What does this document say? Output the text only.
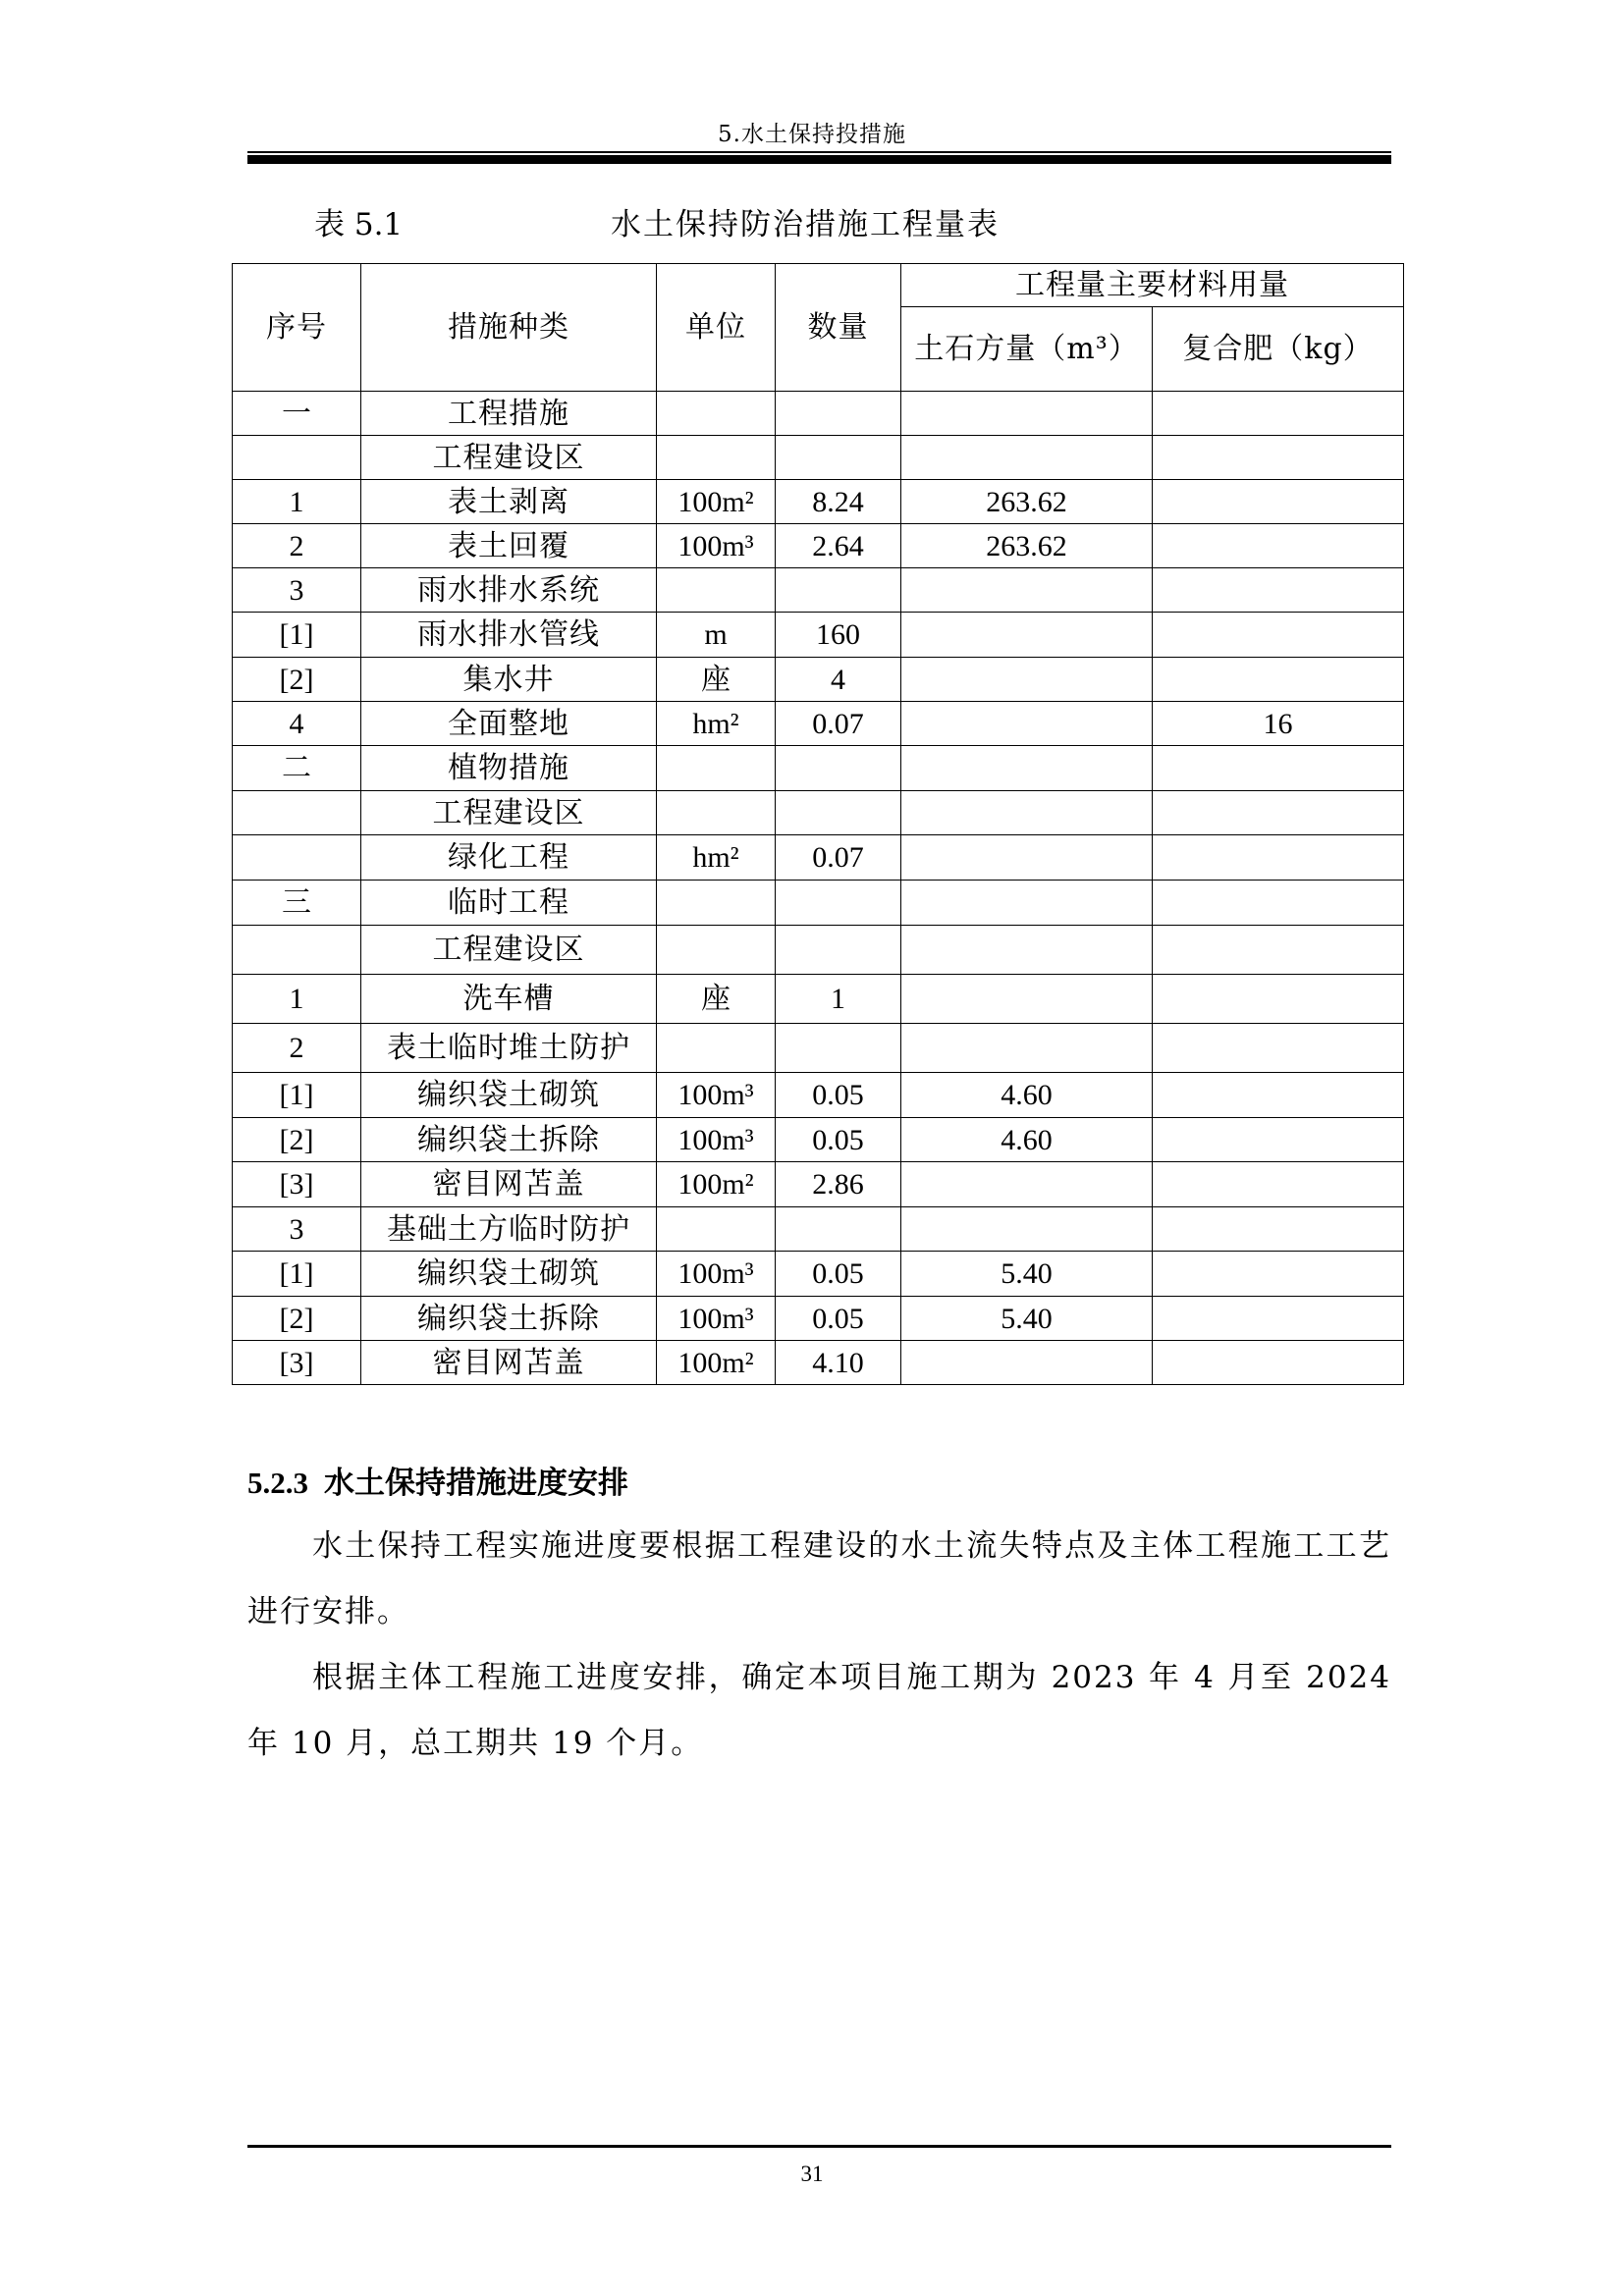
5.水土保持投措施
表 5.1	水土保持防治措施工程量表
序号	措施种类	单位	数量	工程量主要材料用量	
				土石方量（m³）	复合肥（kg）
一	工程措施				
	工程建设区				
1	表土剥离	100m²	8.24	263.62	
2	表土回覆	100m³	2.64	263.62	
3	雨水排水系统				
[1]	雨水排水管线	m	160		
[2]	集水井	座	4		
4	全面整地	hm²	0.07		16
二	植物措施				
	工程建设区				
	绿化工程	hm²	0.07		
三	临时工程				
	工程建设区				
1	洗车槽	座	1		
2	表土临时堆土防护				
[1]	编织袋土砌筑	100m³	0.05	4.60	
[2]	编织袋土拆除	100m³	0.05	4.60	
[3]	密目网苫盖	100m²	2.86		
3	基础土方临时防护				
[1]	编织袋土砌筑	100m³	0.05	5.40	
[2]	编织袋土拆除	100m³	0.05	5.40	
[3]	密目网苫盖	100m²	4.10		
5.2.3 水土保持措施进度安排

水土保持工程实施进度要根据工程建设的水土流失特点及主体工程施工工艺进行安排。

根据主体工程施工进度安排，确定本项目施工期为 2023 年 4 月至 2024 年 10 月，总工期共 19 个月。

31
